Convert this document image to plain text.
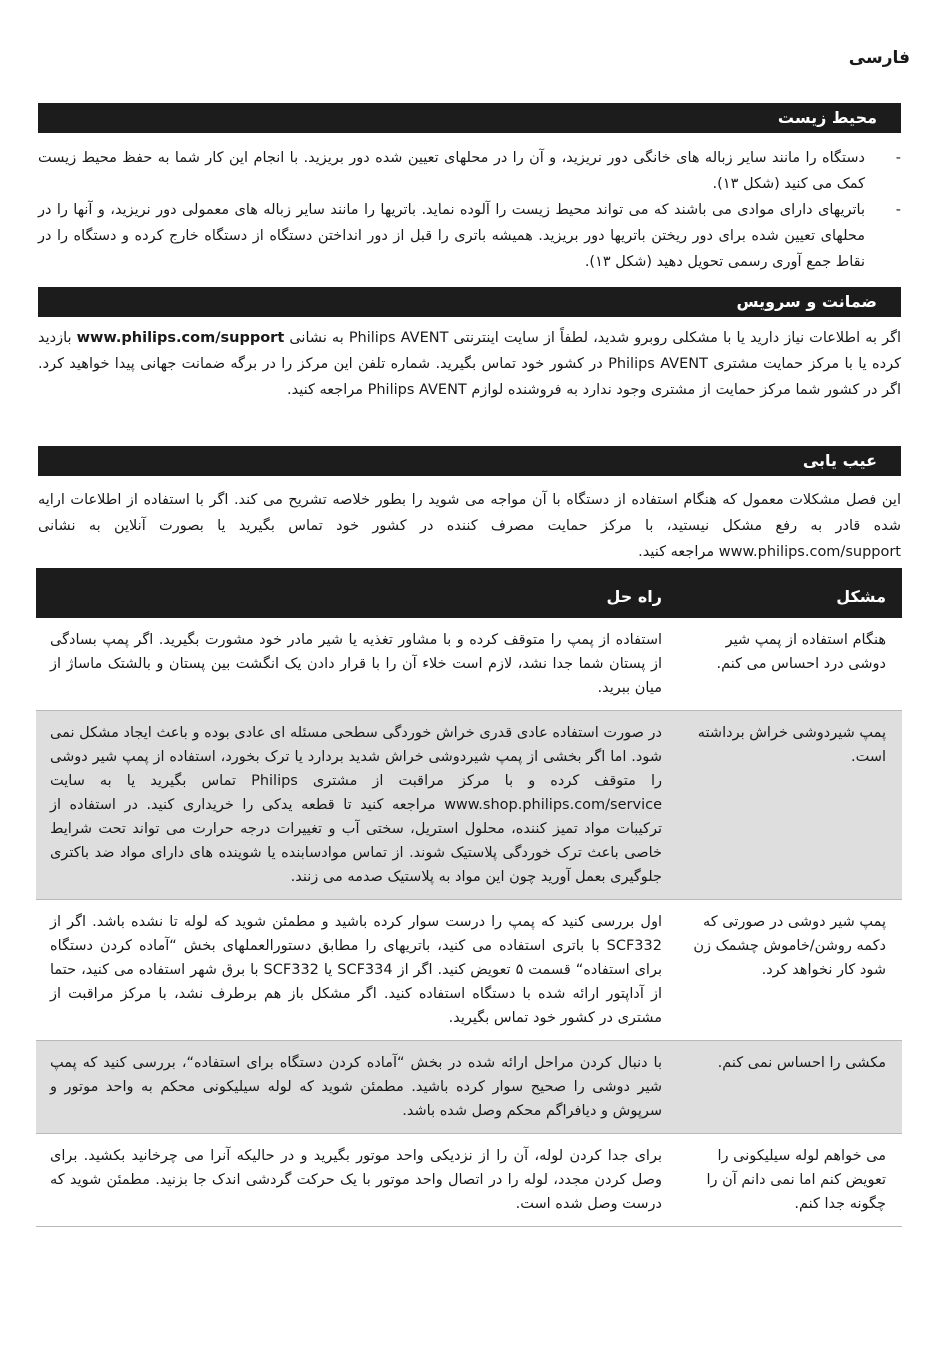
فارسی
محیط زیست
-
دستگاه را مانند سایر زباله های خانگی دور نریزید، و آن را در محلهای تعیین شده دور بریزید. با انجام این کار شما به حفظ محیط زیست کمک می کنید (شکل ۱۳).
-
باتریهای دارای موادی می باشند که می تواند محیط زیست را آلوده نماید. باتریها را مانند سایر زباله های معمولی دور نریزید، و آنها را در محلهای تعیین شده برای دور ریختن باتریها دور بریزید. همیشه باتری را قبل از دور انداختن دستگاه از دستگاه خارج کرده و دستگاه را در نقاط جمع آوری رسمی تحویل دهید (شکل ۱۳).
ضمانت و سرویس

اگر به اطلاعات نیاز دارید یا با مشکلی روبرو شدید، لطفاً از سایت اینترنتی Philips AVENT به نشانی www.philips.com/support بازدید کرده یا با مرکز حمایت مشتری Philips AVENT در کشور خود تماس بگیرید. شماره تلفن این مرکز را در برگه ضمانت جهانی پیدا خواهید کرد. اگر در کشور شما مرکز حمایت از مشتری وجود ندارد به فروشنده لوازم Philips AVENT مراجعه کنید.

عیب یابی

این فصل مشکلات معمول که هنگام استفاده از دستگاه با آن مواجه می شوید را بطور خلاصه تشریح می کند. اگر با استفاده از اطلاعات ارایه شده قادر به رفع مشکل نیستید، با مرکز حمایت مصرف کننده در کشور خود تماس بگیرید یا بصورت آنلاین به نشانی www.philips.com/support مراجعه کنید.

مشکل	راه حل
هنگام استفاده از پمپ شیر دوشی درد احساس می کنم.	استفاده از پمپ را متوقف کرده و با مشاور تغذیه یا شیر مادر خود مشورت بگیرید. اگر پمپ بسادگی از پستان شما جدا نشد، لازم است خلاء آن را با قرار دادن یک انگشت بین پستان و بالشتک ماساژ از میان ببرید.
پمپ شیردوشی خراش برداشته است.	در صورت استفاده عادی قدری خراش خوردگی سطحی مسئله ای عادی بوده و باعث ایجاد مشکل نمی شود. اما اگر بخشی از پمپ شیردوشی خراش شدید بردارد یا ترک بخورد، استفاده از پمپ شیر دوشی را متوقف کرده و با مرکز مراقبت از مشتری Philips تماس بگیرید یا به سایت www.shop.philips.com/service مراجعه کنید تا قطعه یدکی را خریداری کنید. در استفاده از ترکیبات مواد تمیز کننده، محلول استریل، سختی آب و تغییرات درجه حرارت می تواند تحت شرایط خاصی باعث ترک خوردگی پلاستیک شوند. از تماس موادسابنده یا شوینده های دارای مواد ضد باکتری جلوگیری بعمل آورید چون این مواد به پلاستیک صدمه می زنند.
پمپ شیر دوشی در صورتی که دکمه روشن/خاموش چشمک زن شود کار نخواهد کرد.	اول بررسی کنید که پمپ را درست سوار کرده باشید و مطمئن شوید که لوله تا نشده باشد. اگر از SCF332 با باتری استفاده می کنید، باتریهای را مطابق دستورالعملهای بخش “آماده کردن دستگاه برای استفاده“ قسمت ۵ تعویض کنید. اگر از SCF334 یا SCF332 با برق شهر استفاده می کنید، حتما از آداپتور ارائه شده با دستگاه استفاده کنید. اگر مشکل باز هم برطرف نشد، با مرکز مراقبت از مشتری در کشور خود تماس بگیرید.
مکشی را احساس نمی کنم.	با دنبال کردن مراحل ارائه شده در بخش “آماده کردن دستگاه برای استفاده“، بررسی کنید که پمپ شیر دوشی را صحیح سوار کرده باشید. مطمئن شوید که لوله سیلیکونی محکم به واحد موتور و سرپوش و دیافراگم محکم وصل شده باشد.
می خواهم لوله سیلیکونی را تعویض کنم اما نمی دانم آن را چگونه جدا کنم.	برای جدا کردن لوله، آن را از نزدیکی واحد موتور بگیرید و در حالیکه آنرا می چرخانید بکشید. برای وصل کردن مجدد، لوله را در اتصال واحد موتور با یک حرکت گردشی اندک جا بزنید. مطمئن شوید که درست وصل شده است.
